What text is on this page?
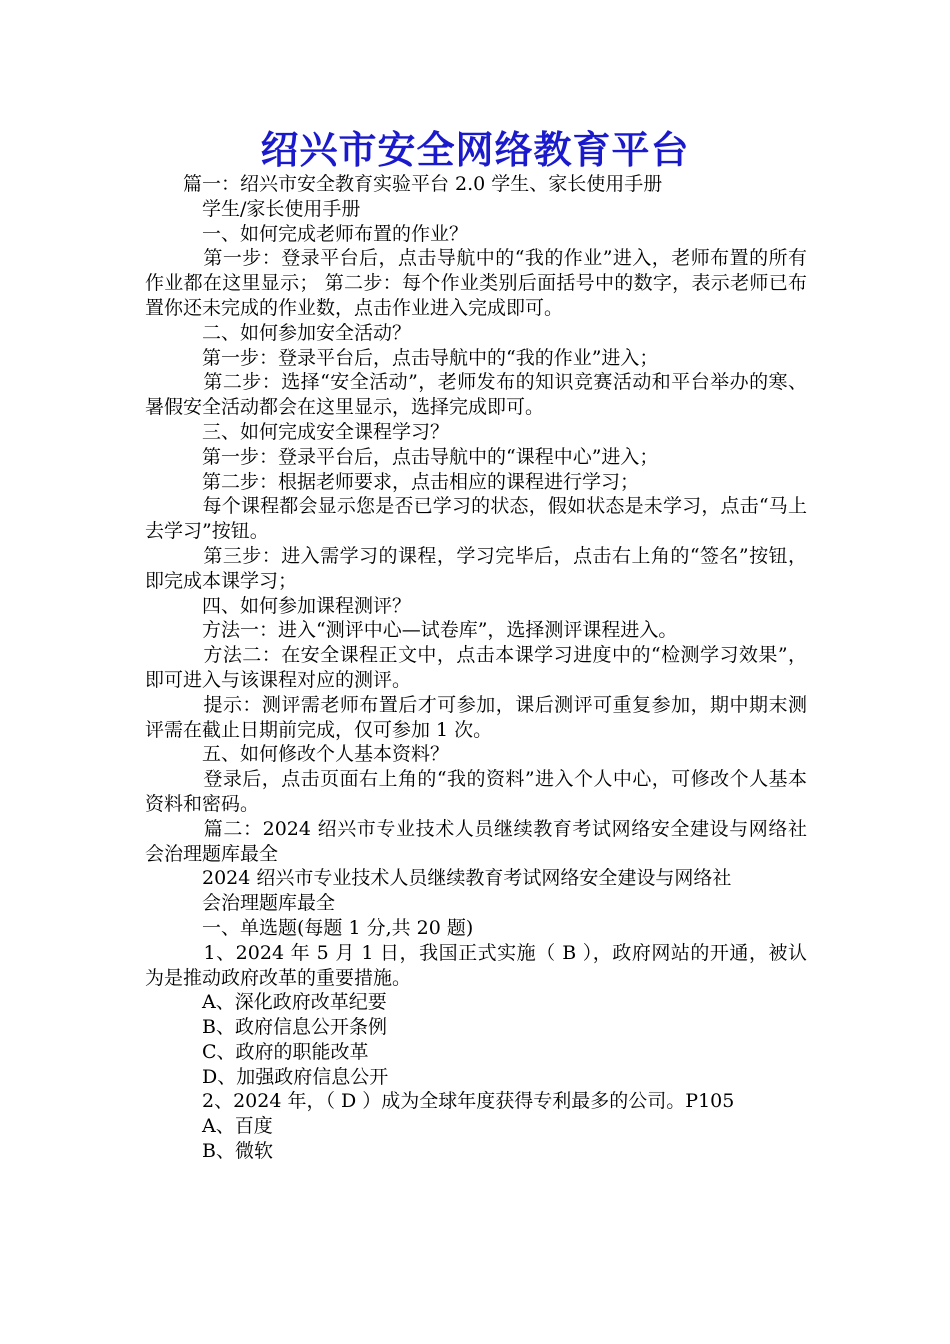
绍兴市安全网络教育平台

　　篇一：绍兴市安全教育实验平台 2.0 学生、家长使用手册

　　　学生/家长使用手册

　　　一、如何完成老师布置的作业？

　　　第一步：登录平台后，点击导航中的“我的作业”进入，老师布置的所有作业都在这里显示； 第二步：每个作业类别后面括号中的数字，表示老师已布置你还未完成的作业数，点击作业进入完成即可。

　　　二、如何参加安全活动？

　　　第一步：登录平台后，点击导航中的“我的作业”进入；

　　　第二步：选择“安全活动”，老师发布的知识竞赛活动和平台举办的寒、暑假安全活动都会在这里显示，选择完成即可。

　　　三、如何完成安全课程学习？

　　　第一步：登录平台后，点击导航中的“课程中心”进入；

　　　第二步：根据老师要求，点击相应的课程进行学习；

　　　每个课程都会显示您是否已学习的状态，假如状态是未学习，点击“马上去学习”按钮。

　　　第三步：进入需学习的课程，学习完毕后，点击右上角的“签名”按钮，即完成本课学习；

　　　四、如何参加课程测评？

　　　方法一：进入“测评中心—试卷库”，选择测评课程进入。

　　　方法二：在安全课程正文中，点击本课学习进度中的“检测学习效果”，即可进入与该课程对应的测评。

　　　提示：测评需老师布置后才可参加，课后测评可重复参加，期中期末测评需在截止日期前完成，仅可参加 1 次。

　　　五、如何修改个人基本资料？

　　　登录后，点击页面右上角的“我的资料”进入个人中心，可修改个人基本资料和密码。

　　　篇二：2024 绍兴市专业技术人员继续教育考试网络安全建设与网络社会治理题库最全

　　　2024 绍兴市专业技术人员继续教育考试网络安全建设与网络社

　　　会治理题库最全

　　　一、单选题(每题 1 分,共 20 题)

　　　1、2024 年 5 月 1 日，我国正式实施（ B ），政府网站的开通，被认为是推动政府改革的重要措施。

　　　A、深化政府改革纪要

　　　B、政府信息公开条例

　　　C、政府的职能改革

　　　D、加强政府信息公开

　　　2、2024 年，（ D ）成为全球年度获得专利最多的公司。P105

　　　A、百度

　　　B、微软
